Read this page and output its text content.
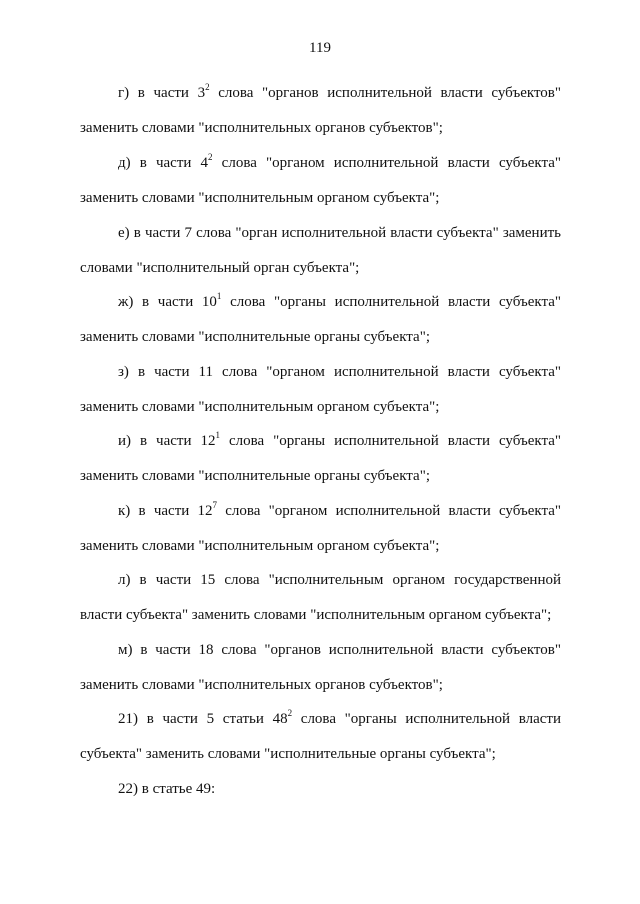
119

г) в части $3^2$ слова "органов исполнительной власти субъектов"
заменить словами "исполнительных органов субъектов";

д) в части $4^2$ слова "органом исполнительной власти субъекта"
заменить словами "исполнительным органом субъекта";

е) в части 7 слова "орган исполнительной власти субъекта" заменить
словами "исполнительный орган субъекта";

ж) в части $10^1$ слова "органы исполнительной власти субъекта"
заменить словами "исполнительные органы субъекта";

з) в части 11 слова "органом исполнительной власти субъекта"
заменить словами "исполнительным органом субъекта";

и) в части $12^1$ слова "органы исполнительной власти субъекта"
заменить словами "исполнительные органы субъекта";

к) в части $12^7$ слова "органом исполнительной власти субъекта"
заменить словами "исполнительным органом субъекта";

л) в части 15 слова "исполнительным органом государственной
власти субъекта" заменить словами "исполнительным органом субъекта";

м) в части 18 слова "органов исполнительной власти субъектов"
заменить словами "исполнительных органов субъектов";

21) в части 5 статьи $48^2$ слова "органы исполнительной власти
субъекта" заменить словами "исполнительные органы субъекта";

22) в статье 49:
